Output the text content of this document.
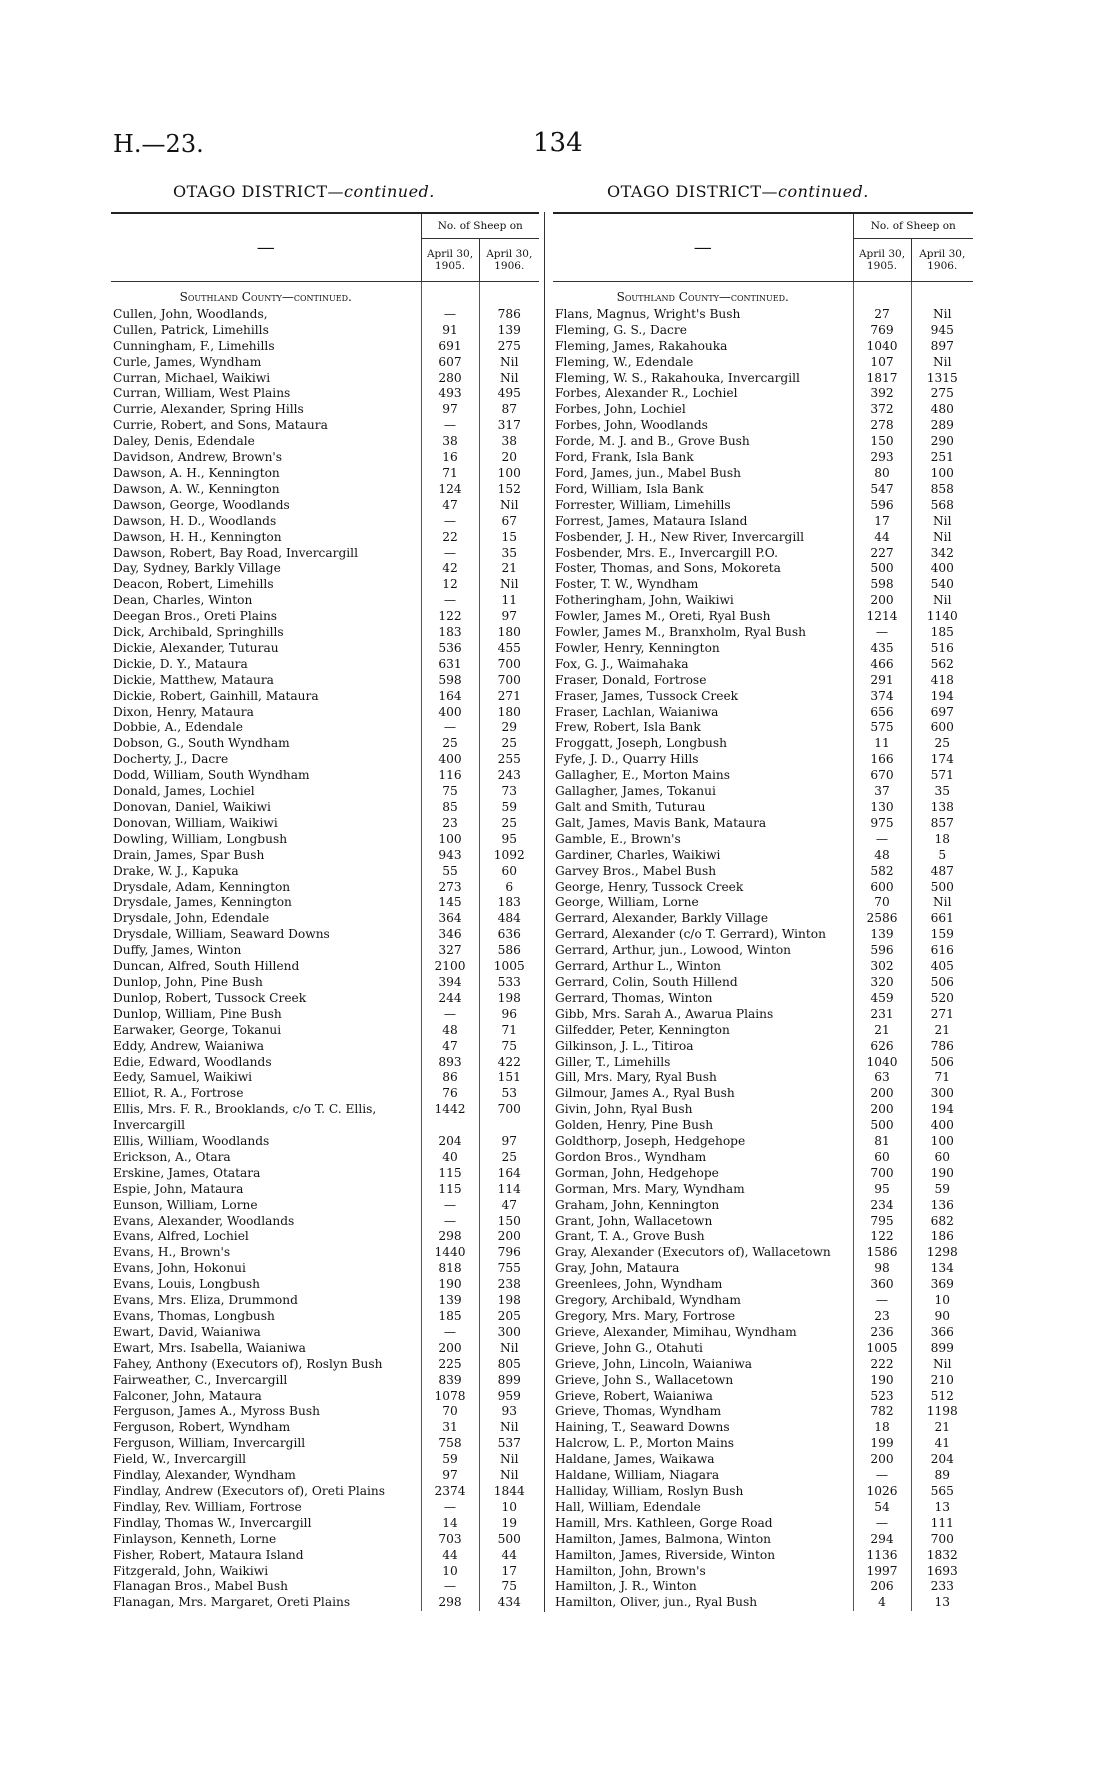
H.—23.	134
OTAGO DISTRICT—continued.	OTAGO DISTRICT—continued.
—	No. of Sheep on	
	April 30, 1905.	April 30, 1906.
Southland County—continued.		
Cullen, John, Woodlands,	—	786
Cullen, Patrick, Limehills	91	139
Cunningham, F., Limehills	691	275
Curle, James, Wyndham	607	Nil
Curran, Michael, Waikiwi	280	Nil
Curran, William, West Plains	493	495
Currie, Alexander, Spring Hills	97	87
Currie, Robert, and Sons, Mataura	—	317
Daley, Denis, Edendale	38	38
Davidson, Andrew, Brown's	16	20
Dawson, A. H., Kennington	71	100
Dawson, A. W., Kennington	124	152
Dawson, George, Woodlands	47	Nil
Dawson, H. D., Woodlands	—	67
Dawson, H. H., Kennington	22	15
Dawson, Robert, Bay Road, Invercargill	—	35
Day, Sydney, Barkly Village	42	21
Deacon, Robert, Limehills	12	Nil
Dean, Charles, Winton	—	11
Deegan Bros., Oreti Plains	122	97
Dick, Archibald, Springhills	183	180
Dickie, Alexander, Tuturau	536	455
Dickie, D. Y., Mataura	631	700
Dickie, Matthew, Mataura	598	700
Dickie, Robert, Gainhill, Mataura	164	271
Dixon, Henry, Mataura	400	180
Dobbie, A., Edendale	—	29
Dobson, G., South Wyndham	25	25
Docherty, J., Dacre	400	255
Dodd, William, South Wyndham	116	243
Donald, James, Lochiel	75	73
Donovan, Daniel, Waikiwi	85	59
Donovan, William, Waikiwi	23	25
Dowling, William, Longbush	100	95
Drain, James, Spar Bush	943	1092
Drake, W. J., Kapuka	55	60
Drysdale, Adam, Kennington	273	6
Drysdale, James, Kennington	145	183
Drysdale, John, Edendale	364	484
Drysdale, William, Seaward Downs	346	636
Duffy, James, Winton	327	586
Duncan, Alfred, South Hillend	2100	1005
Dunlop, John, Pine Bush	394	533
Dunlop, Robert, Tussock Creek	244	198
Dunlop, William, Pine Bush	—	96
Earwaker, George, Tokanui	48	71
Eddy, Andrew, Waianiwa	47	75
Edie, Edward, Woodlands	893	422
Eedy, Samuel, Waikiwi	86	151
Elliot, R. A., Fortrose	76	53
Ellis, Mrs. F. R., Brooklands, c/o T. C. Ellis,	1442	700
Invercargill		
Ellis, William, Woodlands	204	97
Erickson, A., Otara	40	25
Erskine, James, Otatara	115	164
Espie, John, Mataura	115	114
Eunson, William, Lorne	—	47
Evans, Alexander, Woodlands	—	150
Evans, Alfred, Lochiel	298	200
Evans, H., Brown's	1440	796
Evans, John, Hokonui	818	755
Evans, Louis, Longbush	190	238
Evans, Mrs. Eliza, Drummond	139	198
Evans, Thomas, Longbush	185	205
Ewart, David, Waianiwa	—	300
Ewart, Mrs. Isabella, Waianiwa	200	Nil
Fahey, Anthony (Executors of), Roslyn Bush	225	805
Fairweather, C., Invercargill	839	899
Falconer, John, Mataura	1078	959
Ferguson, James A., Myross Bush	70	93
Ferguson, Robert, Wyndham	31	Nil
Ferguson, William, Invercargill	758	537
Field, W., Invercargill	59	Nil
Findlay, Alexander, Wyndham	97	Nil
Findlay, Andrew (Executors of), Oreti Plains	2374	1844
Findlay, Rev. William, Fortrose	—	10
Findlay, Thomas W., Invercargill	14	19
Finlayson, Kenneth, Lorne	703	500
Fisher, Robert, Mataura Island	44	44
Fitzgerald, John, Waikiwi	10	17
Flanagan Bros., Mabel Bush	—	75
Flanagan, Mrs. Margaret, Oreti Plains	298	434
—	No. of Sheep on	
	April 30, 1905.	April 30, 1906.
Southland County—continued.		
Flans, Magnus, Wright's Bush	27	Nil
Fleming, G. S., Dacre	769	945
Fleming, James, Rakahouka	1040	897
Fleming, W., Edendale	107	Nil
Fleming, W. S., Rakahouka, Invercargill	1817	1315
Forbes, Alexander R., Lochiel	392	275
Forbes, John, Lochiel	372	480
Forbes, John, Woodlands	278	289
Forde, M. J. and B., Grove Bush	150	290
Ford, Frank, Isla Bank	293	251
Ford, James, jun., Mabel Bush	80	100
Ford, William, Isla Bank	547	858
Forrester, William, Limehills	596	568
Forrest, James, Mataura Island	17	Nil
Fosbender, J. H., New River, Invercargill	44	Nil
Fosbender, Mrs. E., Invercargill P.O.	227	342
Foster, Thomas, and Sons, Mokoreta	500	400
Foster, T. W., Wyndham	598	540
Fotheringham, John, Waikiwi	200	Nil
Fowler, James M., Oreti, Ryal Bush	1214	1140
Fowler, James M., Branxholm, Ryal Bush	—	185
Fowler, Henry, Kennington	435	516
Fox, G. J., Waimahaka	466	562
Fraser, Donald, Fortrose	291	418
Fraser, James, Tussock Creek	374	194
Fraser, Lachlan, Waianiwa	656	697
Frew, Robert, Isla Bank	575	600
Froggatt, Joseph, Longbush	11	25
Fyfe, J. D., Quarry Hills	166	174
Gallagher, E., Morton Mains	670	571
Gallagher, James, Tokanui	37	35
Galt and Smith, Tuturau	130	138
Galt, James, Mavis Bank, Mataura	975	857
Gamble, E., Brown's	—	18
Gardiner, Charles, Waikiwi	48	5
Garvey Bros., Mabel Bush	582	487
George, Henry, Tussock Creek	600	500
George, William, Lorne	70	Nil
Gerrard, Alexander, Barkly Village	2586	661
Gerrard, Alexander (c/o T. Gerrard), Winton	139	159
Gerrard, Arthur, jun., Lowood, Winton	596	616
Gerrard, Arthur L., Winton	302	405
Gerrard, Colin, South Hillend	320	506
Gerrard, Thomas, Winton	459	520
Gibb, Mrs. Sarah A., Awarua Plains	231	271
Gilfedder, Peter, Kennington	21	21
Gilkinson, J. L., Titiroa	626	786
Giller, T., Limehills	1040	506
Gill, Mrs. Mary, Ryal Bush	63	71
Gilmour, James A., Ryal Bush	200	300
Givin, John, Ryal Bush	200	194
Golden, Henry, Pine Bush	500	400
Goldthorp, Joseph, Hedgehope	81	100
Gordon Bros., Wyndham	60	60
Gorman, John, Hedgehope	700	190
Gorman, Mrs. Mary, Wyndham	95	59
Graham, John, Kennington	234	136
Grant, John, Wallacetown	795	682
Grant, T. A., Grove Bush	122	186
Gray, Alexander (Executors of), Wallacetown	1586	1298
Gray, John, Mataura	98	134
Greenlees, John, Wyndham	360	369
Gregory, Archibald, Wyndham	—	10
Gregory, Mrs. Mary, Fortrose	23	90
Grieve, Alexander, Mimihau, Wyndham	236	366
Grieve, John G., Otahuti	1005	899
Grieve, John, Lincoln, Waianiwa	222	Nil
Grieve, John S., Wallacetown	190	210
Grieve, Robert, Waianiwa	523	512
Grieve, Thomas, Wyndham	782	1198
Haining, T., Seaward Downs	18	21
Halcrow, L. P., Morton Mains	199	41
Haldane, James, Waikawa	200	204
Haldane, William, Niagara	—	89
Halliday, William, Roslyn Bush	1026	565
Hall, William, Edendale	54	13
Hamill, Mrs. Kathleen, Gorge Road	—	111
Hamilton, James, Balmona, Winton	294	700
Hamilton, James, Riverside, Winton	1136	1832
Hamilton, John, Brown's	1997	1693
Hamilton, J. R., Winton	206	233
Hamilton, Oliver, jun., Ryal Bush	4	13
